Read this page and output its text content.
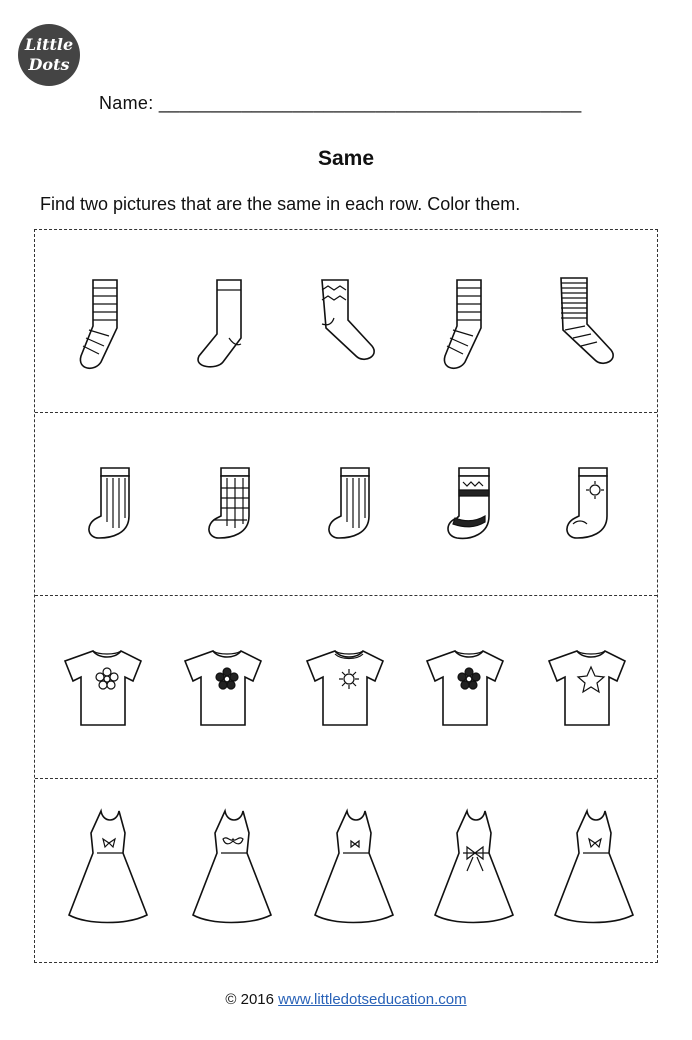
Little
Dots
Name: _________________________________________
Same
Find two pictures that are the same in each row. Color them.
© 2016 www.littledotseducation.com
